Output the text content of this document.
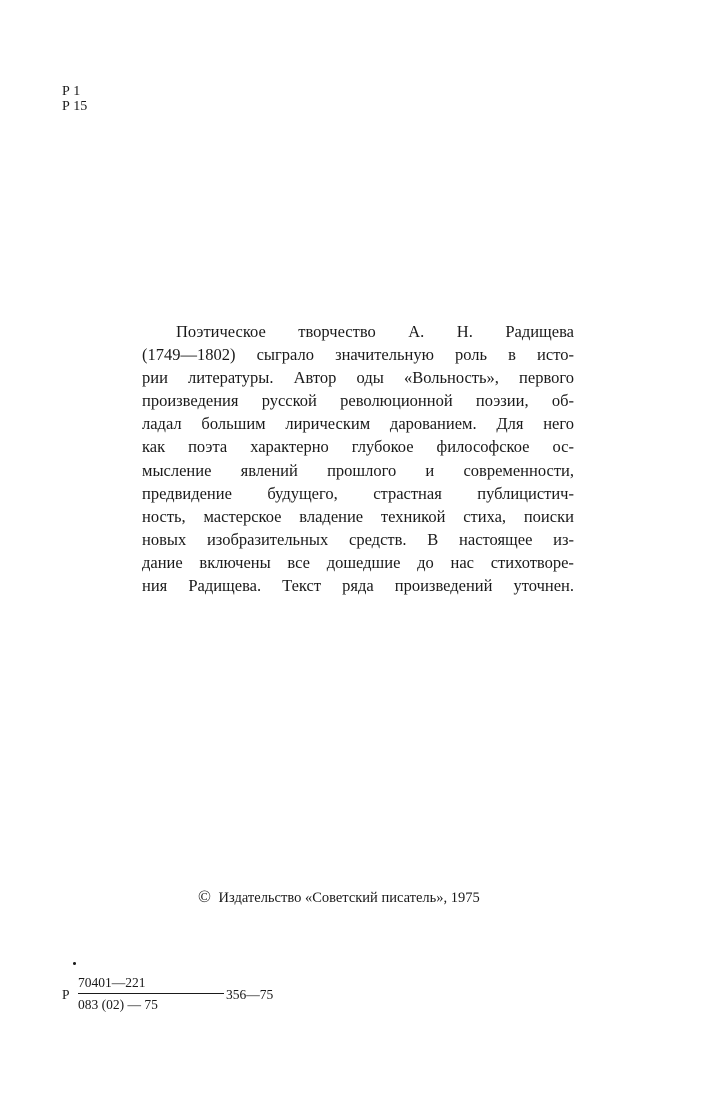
Р 1
Р 15
Поэтическое творчество А. Н. Радищева
(1749—1802) сыграло значительную роль в исто-
рии литературы. Автор оды «Вольность», первого
произведения русской революционной поэзии, об-
ладал большим лирическим дарованием. Для него
как поэта характерно глубокое философское ос-
мысление явлений прошлого и современности,
предвидение будущего, страстная публицистич-
ность, мастерское владение техникой стиха, поиски
новых изобразительных средств. В настоящее из-
дание включены все дошедшие до нас стихотворе-
ния Радищева. Текст ряда произведений уточнен.
© Издательство «Советский писатель», 1975
Р
70401—221
083 (02) — 75
356—75
